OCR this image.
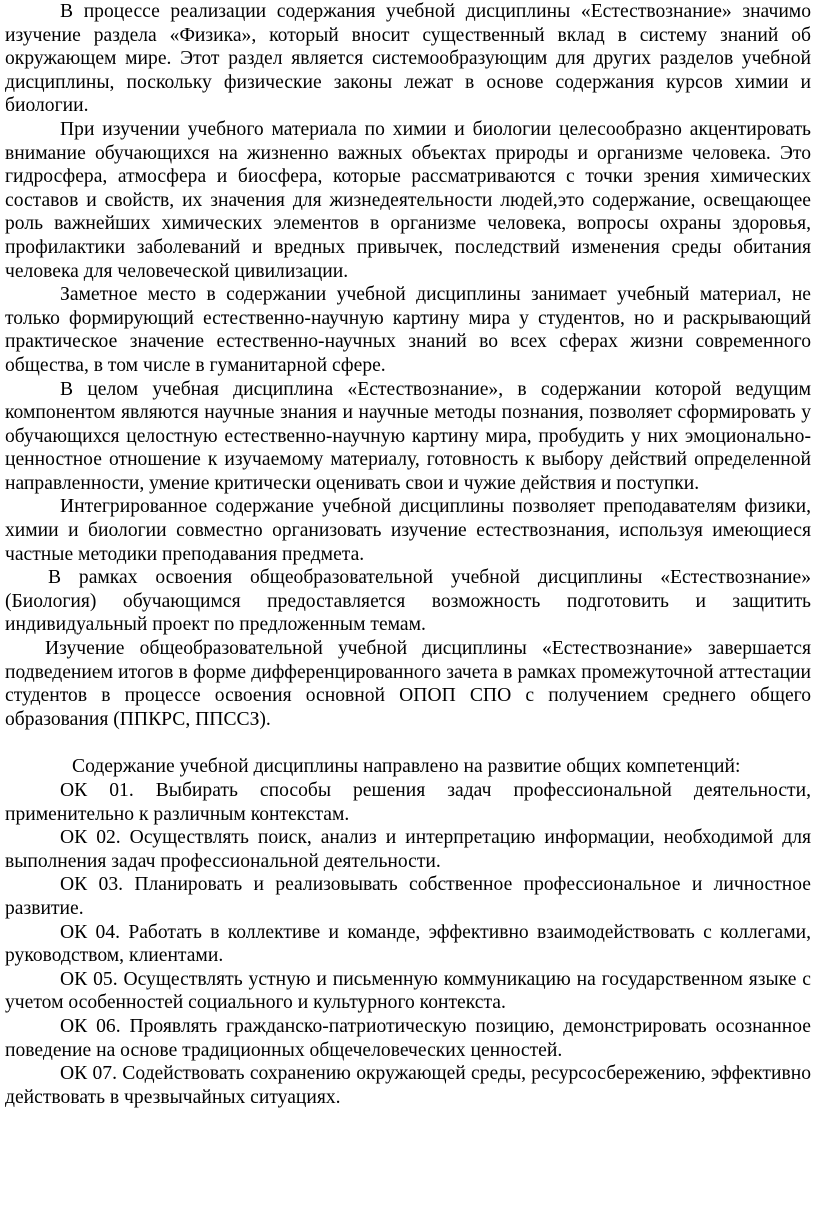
В процессе реализации содержания учебной дисциплины «Естествознание» значимо изучение раздела «Физика», который вносит существенный вклад в систему знаний об окружающем мире. Этот раздел является системообразующим для других разделов учебной дисциплины, поскольку физические законы лежат в основе содержания курсов химии и биологии.

При изучении учебного материала по химии и биологии целесообразно акцентировать внимание обучающихся на жизненно важных объектах природы и организме человека. Это гидросфера, атмосфера и биосфера, которые рассматриваются с точки зрения химических составов и свойств, их значения для жизнедеятельности людей,это содержание, освещающее роль важнейших химических элементов в организме человека, вопросы охраны здоровья, профилактики заболеваний и вредных привычек, последствий изменения среды обитания человека для человеческой цивилизации.

Заметное место в содержании учебной дисциплины занимает учебный материал, не только формирующий естественно-научную картину мира у студентов, но и раскрывающий практическое значение естественно-научных знаний во всех сферах жизни современного общества, в том числе в гуманитарной сфере.

В целом учебная дисциплина «Естествознание», в содержании которой ведущим компонентом являются научные знания и научные методы познания, позволяет сформировать у обучающихся целостную естественно-научную картину мира, пробудить у них эмоционально-ценностное отношение к изучаемому материалу, готовность к выбору действий определенной направленности, умение критически оценивать свои и чужие действия и поступки.

Интегрированное содержание учебной дисциплины позволяет преподавателям физики, химии и биологии совместно организовать изучение естествознания, используя имеющиеся частные методики преподавания предмета.

В рамках освоения общеобразовательной учебной дисциплины «Естествознание» (Биология) обучающимся предоставляется возможность подготовить и защитить индивидуальный проект по предложенным темам.

Изучение общеобразовательной учебной дисциплины «Естествознание» завершается подведением итогов в форме дифференцированного зачета в рамках промежуточной аттестации студентов в процессе освоения основной ОПОП СПО с получением среднего общего образования (ППКРС, ППССЗ).

Содержание учебной дисциплины направлено на развитие общих компетенций:

ОК 01. Выбирать способы решения задач профессиональной деятельности, применительно к различным контекстам.

ОК 02. Осуществлять поиск, анализ и интерпретацию информации, необходимой для выполнения задач профессиональной деятельности.

ОК 03. Планировать и реализовывать собственное профессиональное и личностное развитие.

ОК 04. Работать в коллективе и команде, эффективно взаимодействовать с коллегами, руководством, клиентами.

ОК 05. Осуществлять устную и письменную коммуникацию на государственном языке с учетом особенностей социального и культурного контекста.

ОК 06. Проявлять гражданско-патриотическую позицию, демонстрировать осознанное поведение на основе традиционных общечеловеческих ценностей.

ОК 07. Содействовать сохранению окружающей среды, ресурсосбережению, эффективно действовать в чрезвычайных ситуациях.
